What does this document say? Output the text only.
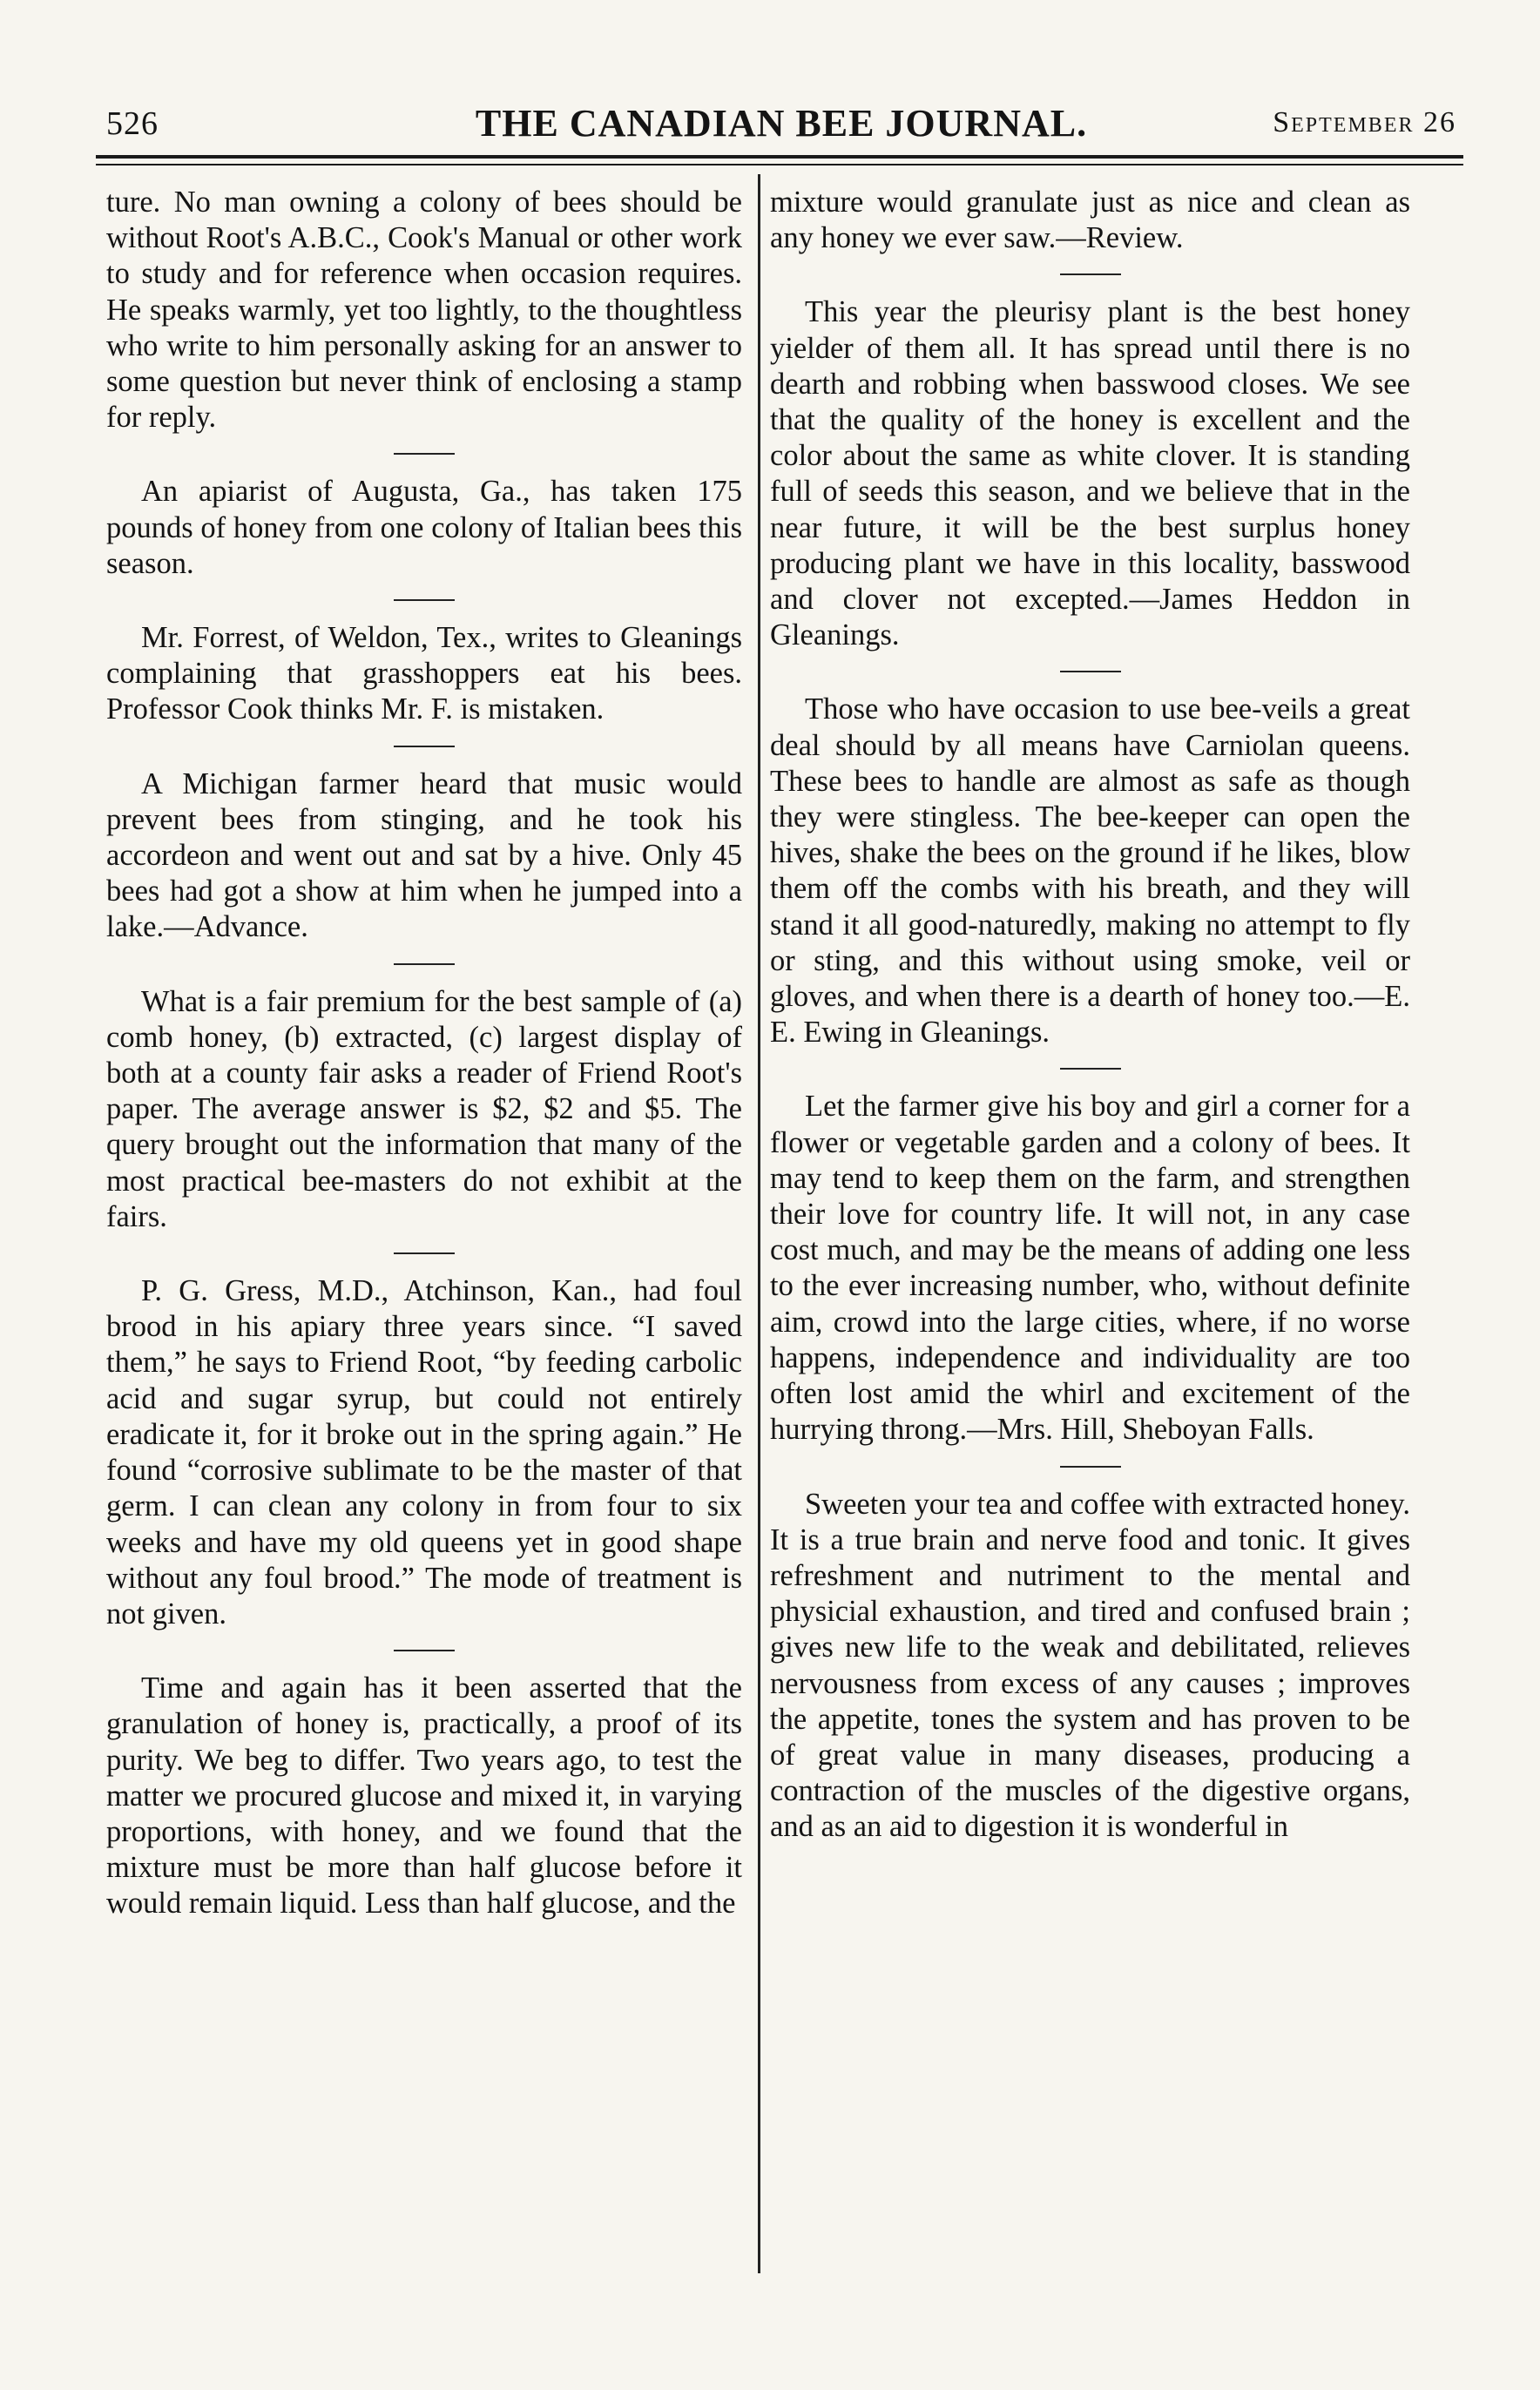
526	THE CANADIAN BEE JOURNAL.	September 26

ture. No man owning a colony of bees should be without Root's A.B.C., Cook's Manual or other work to study and for reference when occasion requires. He speaks warmly, yet too lightly, to the thoughtless who write to him personally asking for an answer to some question but never think of enclosing a stamp for reply.

An apiarist of Augusta, Ga., has taken 175 pounds of honey from one colony of Italian bees this season.

Mr. Forrest, of Weldon, Tex., writes to Gleanings complaining that grasshoppers eat his bees. Professor Cook thinks Mr. F. is mistaken.

A Michigan farmer heard that music would prevent bees from stinging, and he took his accordeon and went out and sat by a hive. Only 45 bees had got a show at him when he jumped into a lake.—Advance.

What is a fair premium for the best sample of (a) comb honey, (b) extracted, (c) largest display of both at a county fair asks a reader of Friend Root's paper. The average answer is $2, $2 and $5. The query brought out the information that many of the most practical bee-masters do not exhibit at the fairs.

P. G. Gress, M.D., Atchinson, Kan., had foul brood in his apiary three years since. “I saved them,” he says to Friend Root, “by feeding carbolic acid and sugar syrup, but could not entirely eradicate it, for it broke out in the spring again.” He found “corrosive sublimate to be the master of that germ. I can clean any colony in from four to six weeks and have my old queens yet in good shape without any foul brood.” The mode of treatment is not given.

Time and again has it been asserted that the granulation of honey is, practically, a proof of its purity. We beg to differ. Two years ago, to test the matter we procured glucose and mixed it, in varying proportions, with honey, and we found that the mixture must be more than half glucose before it would remain liquid. Less than half glucose, and the

mixture would granulate just as nice and clean as any honey we ever saw.—Review.

This year the pleurisy plant is the best honey yielder of them all. It has spread until there is no dearth and robbing when basswood closes. We see that the quality of the honey is excellent and the color about the same as white clover. It is standing full of seeds this season, and we believe that in the near future, it will be the best surplus honey producing plant we have in this locality, basswood and clover not excepted.—James Heddon in Gleanings.

Those who have occasion to use bee-veils a great deal should by all means have Carniolan queens. These bees to handle are almost as safe as though they were stingless. The bee-keeper can open the hives, shake the bees on the ground if he likes, blow them off the combs with his breath, and they will stand it all good-naturedly, making no attempt to fly or sting, and this without using smoke, veil or gloves, and when there is a dearth of honey too.—E. E. Ewing in Gleanings.

Let the farmer give his boy and girl a corner for a flower or vegetable garden and a colony of bees. It may tend to keep them on the farm, and strengthen their love for country life. It will not, in any case cost much, and may be the means of adding one less to the ever increasing number, who, without definite aim, crowd into the large cities, where, if no worse happens, independence and individuality are too often lost amid the whirl and excitement of the hurrying throng.—Mrs. Hill, Sheboyan Falls.

Sweeten your tea and coffee with extracted honey. It is a true brain and nerve food and tonic. It gives refreshment and nutriment to the mental and physicial exhaustion, and tired and confused brain ; gives new life to the weak and debilitated, relieves nervousness from excess of any causes ; improves the appetite, tones the system and has proven to be of great value in many diseases, producing a contraction of the muscles of the digestive organs, and as an aid to digestion it is wonderful in
